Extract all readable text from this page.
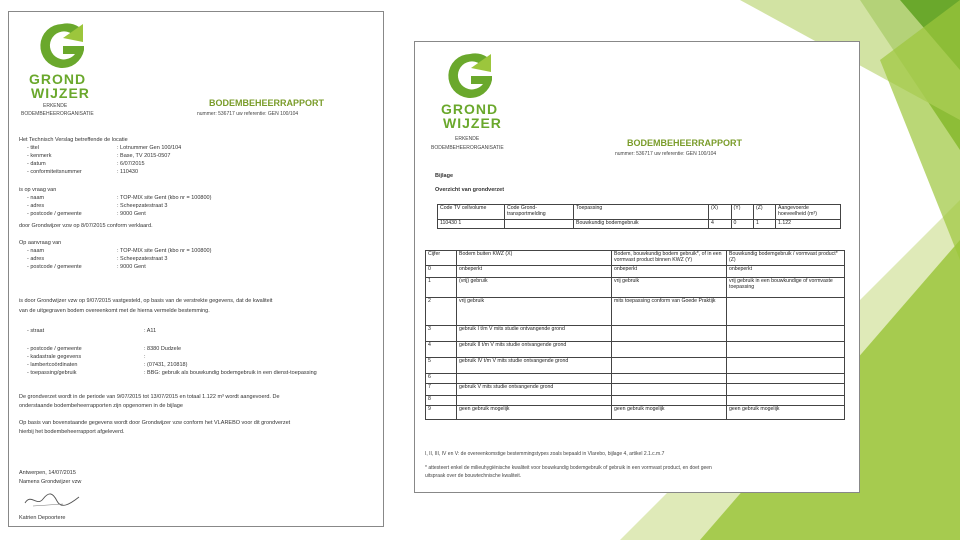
GROND
WIJZER
ERKENDE
BODEMBEHEERORGANISATIE
BODEMBEHEERRAPPORT
nummer: 536717 uw referentie: GEN 100/104
Het Technisch Verslag betreffende de locatie
- titel	: Lotnummer Gen 100/104
- kenmerk	: Base, TV 2015-0507
- datum	: 6/07/2015
- conformiteitsnummer	: 110430
is op vraag van
- naam	: TOP-MIX site Gent (kbo nr = 100800)
- adres	: Scheepzatestraat 3
- postcode / gemeente	: 9000 Gent
door Grondwijzer vzw op 8/07/2015 conform verklaard.
Op aanvraag van
- naam	: TOP-MIX site Gent (kbo nr = 100800)
- adres	: Scheepzatestraat 3
- postcode / gemeente	: 9000 Gent
is door Grondwijzer vzw op 9/07/2015 vastgesteld, op basis van de verstrekte gegevens, dat de kwaliteit
van de uitgegraven bodem overeenkomt met de hierna vermelde bestemming.
- straat	: A11
- postcode / gemeente	: 8380 Dudzele
- kadastrale gegevens	:
- lambertcoördinaten	: (07431, 210818)
- toepassing/gebruik	: BBG: gebruik als bouwkundig bodemgebruik in een dienst-toepassing
De grondverzet wordt in de periode van 9/07/2015 tot 13/07/2015 en totaal 1.122 m³ wordt aangevoerd. De
onderstaande bodembeheerrapporten zijn opgenomen in de bijlage
Op basis van bovenstaande gegevens wordt door Grondwijzer vzw conform het VLAREBO voor dit grondverzet
hierbij het bodembeheerrapport afgeleverd.
Antwerpen, 14/07/2015
Namens Grondwijzer vzw
Katrien Depoortere
GROND
WIJZER
ERKENDE
BODEMBEHEERORGANISATIE	BODEMBEHEERRAPPORT
nummer: 536717 uw referentie: GEN 100/104
Bijlage
Overzicht van grondverzet
Code TV cellvolume	Code Grond-transportmelding	Toepassing	(X)	(Y)	(Z)	Aangevoerde hoeveelheid (m³)
110430 1		Bouwkundig bodemgebruik	4	0	1	1.122
Cijfer	Bodem buiten KWZ (X)	Bodem, bouwkundig bodem gebruik*, of in een vormvast product binnen KWZ (Y)	Bouwkundig bodemgebruik / vormvast product* (Z)
0	onbeperkt	onbeperkt	onbeperkt
1	(vrij) gebruik	vrij gebruik	vrij gebruik in een bouwkundige of vormvaste toepassing
2	vrij gebruik	mits toepassing conform van Goede Praktijk	
3	gebruik I t/m V mits studie ontvangende grond		
4	gebruik II t/m V mits studie ontvangende grond		
5	gebruik IV t/m V mits studie ontvangende grond		
6			
7	gebruik V mits studie ontvangende grond		
8			
9	geen gebruik mogelijk	geen gebruik mogelijk	geen gebruik mogelijk
I, II, III, IV en V: de overeenkomstige bestemmingstypes zoals bepaald in Vlarebo, bijlage 4, artikel 2.1.c.m.7
* attesteert enkel de milieuhygiënische kwaliteit voor bouwkundig bodemgebruik of gebruik in een vormvast product, en doet geen
uitspraak over de bouwtechnische kwaliteit.
